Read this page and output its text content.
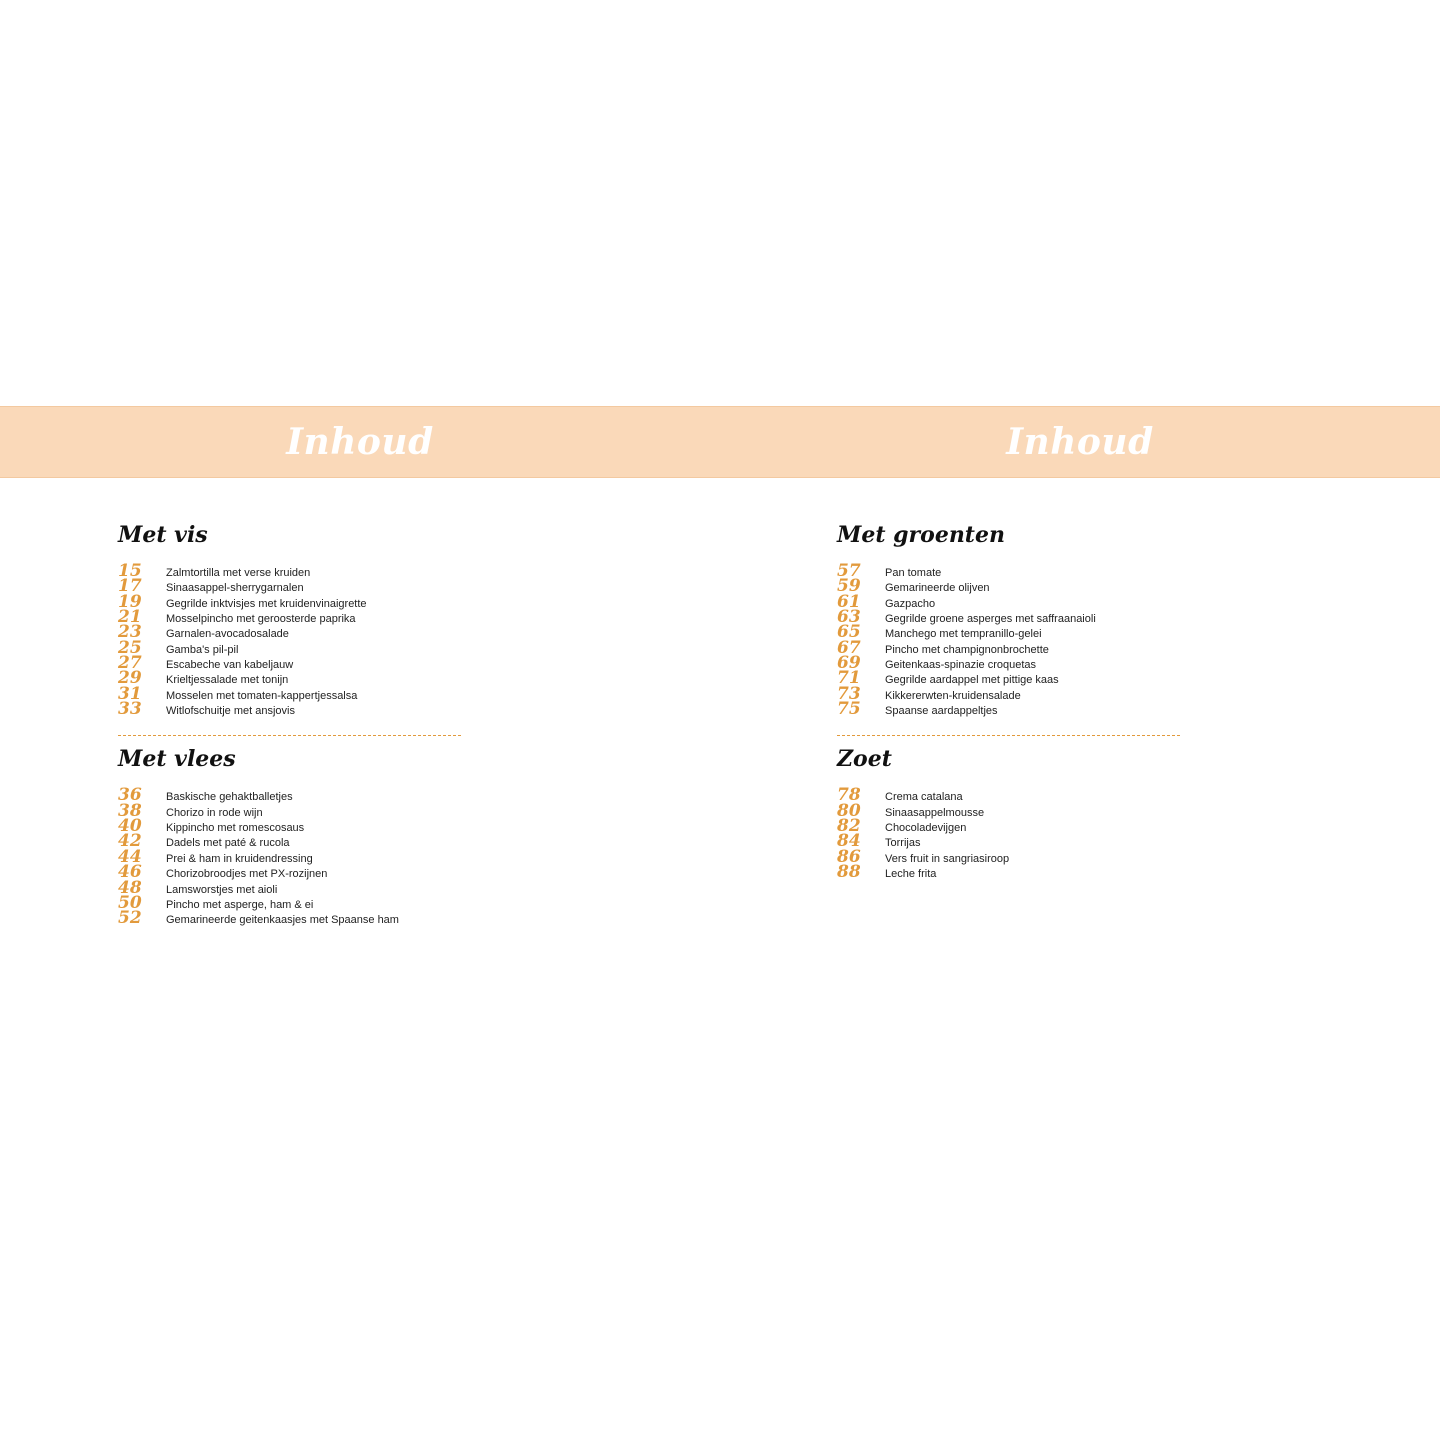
Inhoud	Inhoud
Met vis
15	Zalmtortilla met verse kruiden
17	Sinaasappel-sherrygarnalen
19	Gegrilde inktvisjes met kruidenvinaigrette
21	Mosselpincho met geroosterde paprika
23	Garnalen-avocadosalade
25	Gamba's pil-pil
27	Escabeche van kabeljauw
29	Krieltjessalade met tonijn
31	Mosselen met tomaten-kappertjessalsa
33	Witlofschuitje met ansjovis
Met vlees
36	Baskische gehaktballetjes
38	Chorizo in rode wijn
40	Kippincho met romescosaus
42	Dadels met paté & rucola
44	Prei & ham in kruidendressing
46	Chorizobroodjes met PX-rozijnen
48	Lamsworstjes met aioli
50	Pincho met asperge, ham & ei
52	Gemarineerde geitenkaasjes met Spaanse ham
Met groenten
57	Pan tomate
59	Gemarineerde olijven
61	Gazpacho
63	Gegrilde groene asperges met saffraanaioli
65	Manchego met tempranillo-gelei
67	Pincho met champignonbrochette
69	Geitenkaas-spinazie croquetas
71	Gegrilde aardappel met pittige kaas
73	Kikkererwten-kruidensalade
75	Spaanse aardappeltjes
Zoet
78	Crema catalana
80	Sinaasappelmousse
82	Chocoladevijgen
84	Torrijas
86	Vers fruit in sangriasiroop
88	Leche frita
